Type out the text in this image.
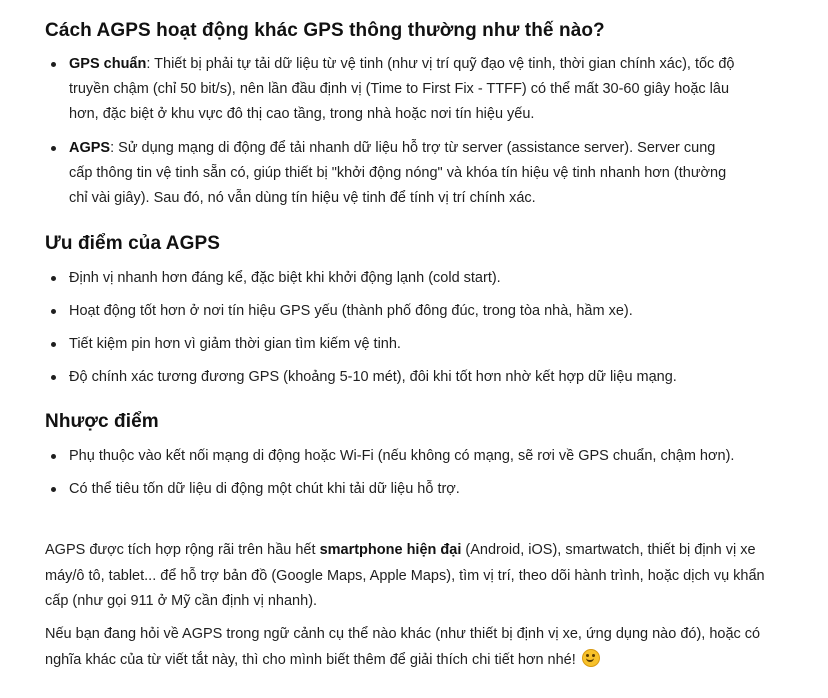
Cách AGPS hoạt động khác GPS thông thường như thế nào?
GPS chuẩn: Thiết bị phải tự tải dữ liệu từ vệ tinh (như vị trí quỹ đạo vệ tinh, thời gian chính xác), tốc độ truyền chậm (chỉ 50 bit/s), nên lần đầu định vị (Time to First Fix - TTFF) có thể mất 30-60 giây hoặc lâu hơn, đặc biệt ở khu vực đô thị cao tầng, trong nhà hoặc nơi tín hiệu yếu.
AGPS: Sử dụng mạng di động để tải nhanh dữ liệu hỗ trợ từ server (assistance server). Server cung cấp thông tin vệ tinh sẵn có, giúp thiết bị "khởi động nóng" và khóa tín hiệu vệ tinh nhanh hơn (thường chỉ vài giây). Sau đó, nó vẫn dùng tín hiệu vệ tinh để tính vị trí chính xác.
Ưu điểm của AGPS
Định vị nhanh hơn đáng kể, đặc biệt khi khởi động lạnh (cold start).
Hoạt động tốt hơn ở nơi tín hiệu GPS yếu (thành phố đông đúc, trong tòa nhà, hầm xe).
Tiết kiệm pin hơn vì giảm thời gian tìm kiếm vệ tinh.
Độ chính xác tương đương GPS (khoảng 5-10 mét), đôi khi tốt hơn nhờ kết hợp dữ liệu mạng.
Nhược điểm
Phụ thuộc vào kết nối mạng di động hoặc Wi-Fi (nếu không có mạng, sẽ rơi về GPS chuẩn, chậm hơn).
Có thể tiêu tốn dữ liệu di động một chút khi tải dữ liệu hỗ trợ.

AGPS được tích hợp rộng rãi trên hầu hết smartphone hiện đại (Android, iOS), smartwatch, thiết bị định vị xe máy/ô tô, tablet... để hỗ trợ bản đồ (Google Maps, Apple Maps), tìm vị trí, theo dõi hành trình, hoặc dịch vụ khẩn cấp (như gọi 911 ở Mỹ cần định vị nhanh).

Nếu bạn đang hỏi về AGPS trong ngữ cảnh cụ thể nào khác (như thiết bị định vị xe, ứng dụng nào đó), hoặc có nghĩa khác của từ viết tắt này, thì cho mình biết thêm để giải thích chi tiết hơn nhé!
